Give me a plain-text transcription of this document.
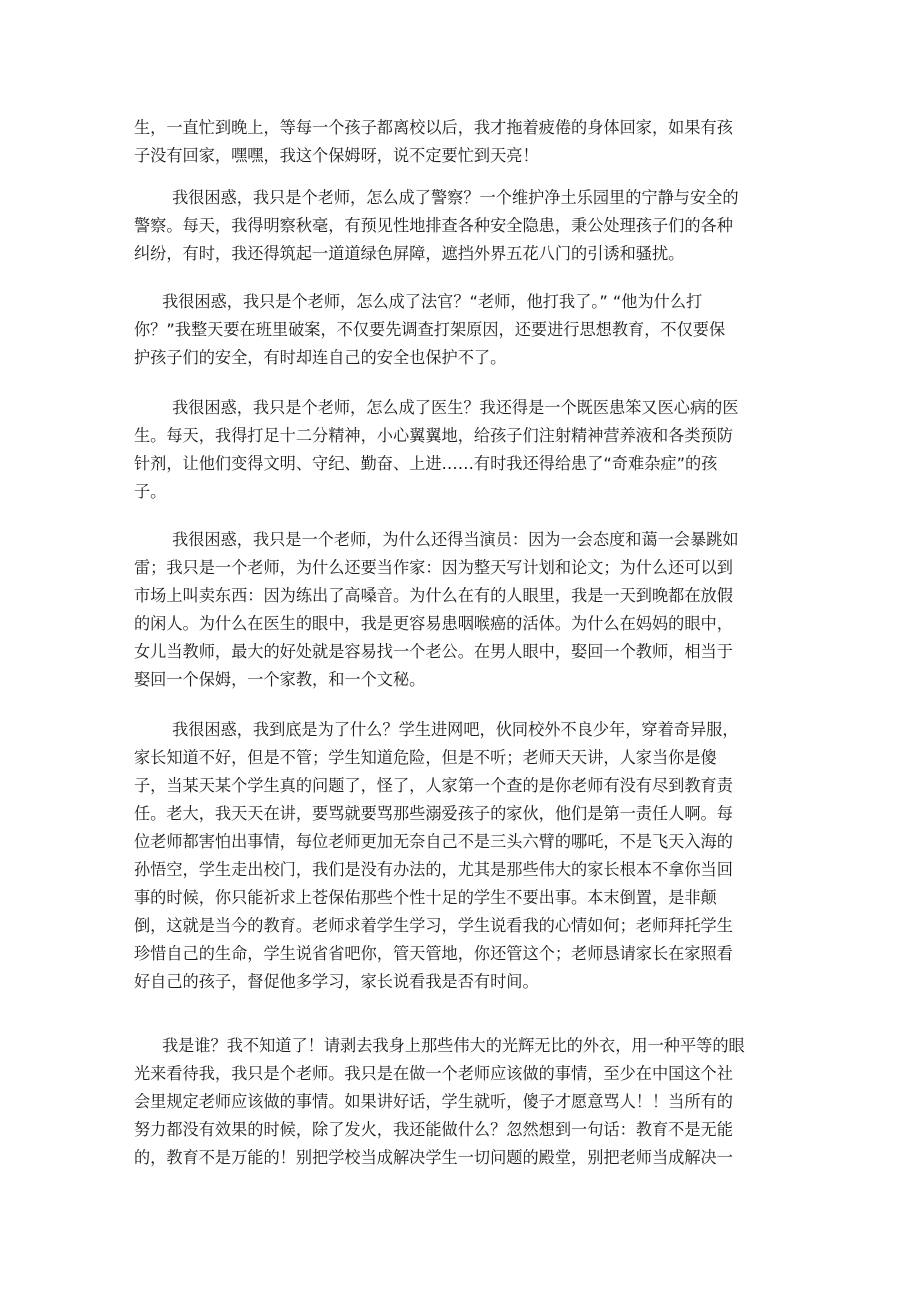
生，一直忙到晚上，等每一个孩子都离校以后，我才拖着疲倦的身体回家，如果有孩
子没有回家，嘿嘿，我这个保姆呀，说不定要忙到天亮！
我很困惑，我只是个老师，怎么成了警察？一个维护净土乐园里的宁静与安全的
警察。每天，我得明察秋毫，有预见性地排查各种安全隐患，秉公处理孩子们的各种
纠纷，有时，我还得筑起一道道绿色屏障，遮挡外界五花八门的引诱和骚扰。
我很困惑，我只是个老师，怎么成了法官？“老师，他打我了。” “他为什么打
你？”我整天要在班里破案，不仅要先调查打架原因，还要进行思想教育，不仅要保
护孩子们的安全，有时却连自己的安全也保护不了。
我很困惑，我只是个老师，怎么成了医生？我还得是一个既医患笨又医心病的医
生。每天，我得打足十二分精神，小心翼翼地，给孩子们注射精神营养液和各类预防
针剂，让他们变得文明、守纪、勤奋、上进……有时我还得给患了“奇难杂症”的孩
子。
我很困惑，我只是一个老师，为什么还得当演员：因为一会态度和蔼一会暴跳如
雷；我只是一个老师，为什么还要当作家：因为整天写计划和论文；为什么还可以到
市场上叫卖东西：因为练出了高嗓音。为什么在有的人眼里，我是一天到晚都在放假
的闲人。为什么在医生的眼中，我是更容易患咽喉癌的活体。为什么在妈妈的眼中，
女儿当教师，最大的好处就是容易找一个老公。在男人眼中，娶回一个教师，相当于
娶回一个保姆，一个家教，和一个文秘。
我很困惑，我到底是为了什么？学生进网吧，伙同校外不良少年，穿着奇异服，
家长知道不好，但是不管；学生知道危险，但是不听；老师天天讲，人家当你是傻
子，当某天某个学生真的问题了，怪了，人家第一个查的是你老师有没有尽到教育责
任。老大，我天天在讲，要骂就要骂那些溺爱孩子的家伙，他们是第一责任人啊。每
位老师都害怕出事情，每位老师更加无奈自己不是三头六臂的哪吒，不是飞天入海的
孙悟空，学生走出校门，我们是没有办法的，尤其是那些伟大的家长根本不拿你当回
事的时候，你只能祈求上苍保佑那些个性十足的学生不要出事。本末倒置，是非颠
倒，这就是当今的教育。老师求着学生学习，学生说看我的心情如何；老师拜托学生
珍惜自己的生命，学生说省省吧你，管天管地，你还管这个；老师恳请家长在家照看
好自己的孩子，督促他多学习，家长说看我是否有时间。
我是谁？我不知道了！请剥去我身上那些伟大的光辉无比的外衣，用一种平等的眼
光来看待我，我只是个老师。我只是在做一个老师应该做的事情，至少在中国这个社
会里规定老师应该做的事情。如果讲好话，学生就听，傻子才愿意骂人！！当所有的
努力都没有效果的时候，除了发火，我还能做什么？忽然想到一句话：教育不是无能
的，教育不是万能的！别把学校当成解决学生一切问题的殿堂，别把老师当成解决一
